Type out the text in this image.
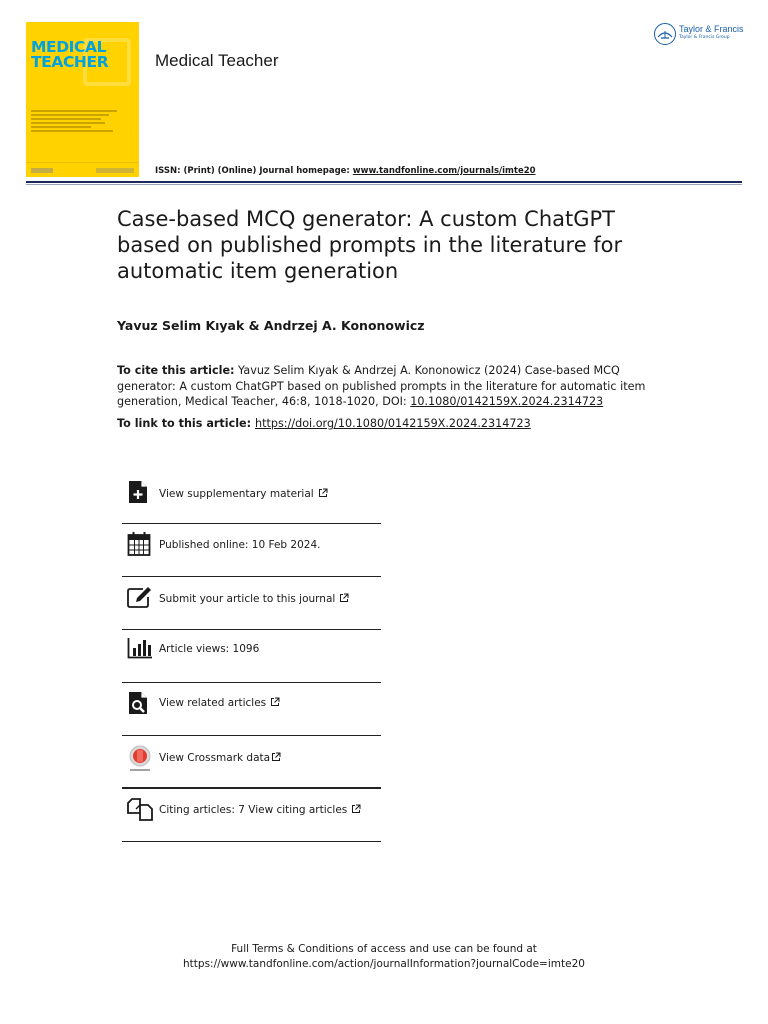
MEDICAL TEACHER	Medical Teacher
ISSN: (Print) (Online) Journal homepage: www.tandfonline.com/journals/imte20
Taylor & Francis
Taylor & Francis Group
Case-based MCQ generator: A custom ChatGPT based on published prompts in the literature for automatic item generation
Yavuz Selim Kıyak & Andrzej A. Kononowicz
To cite this article: Yavuz Selim Kıyak & Andrzej A. Kononowicz (2024) Case-based MCQ generator: A custom ChatGPT based on published prompts in the literature for automatic item generation, Medical Teacher, 46:8, 1018-1020, DOI: 10.1080/0142159X.2024.2314723
To link to this article: https://doi.org/10.1080/0142159X.2024.2314723
View supplementary material
Published online: 10 Feb 2024.
Submit your article to this journal
Article views: 1096
View related articles
View Crossmark data
Citing articles: 7 View citing articles
Full Terms & Conditions of access and use can be found at
https://www.tandfonline.com/action/journalInformation?journalCode=imte20
